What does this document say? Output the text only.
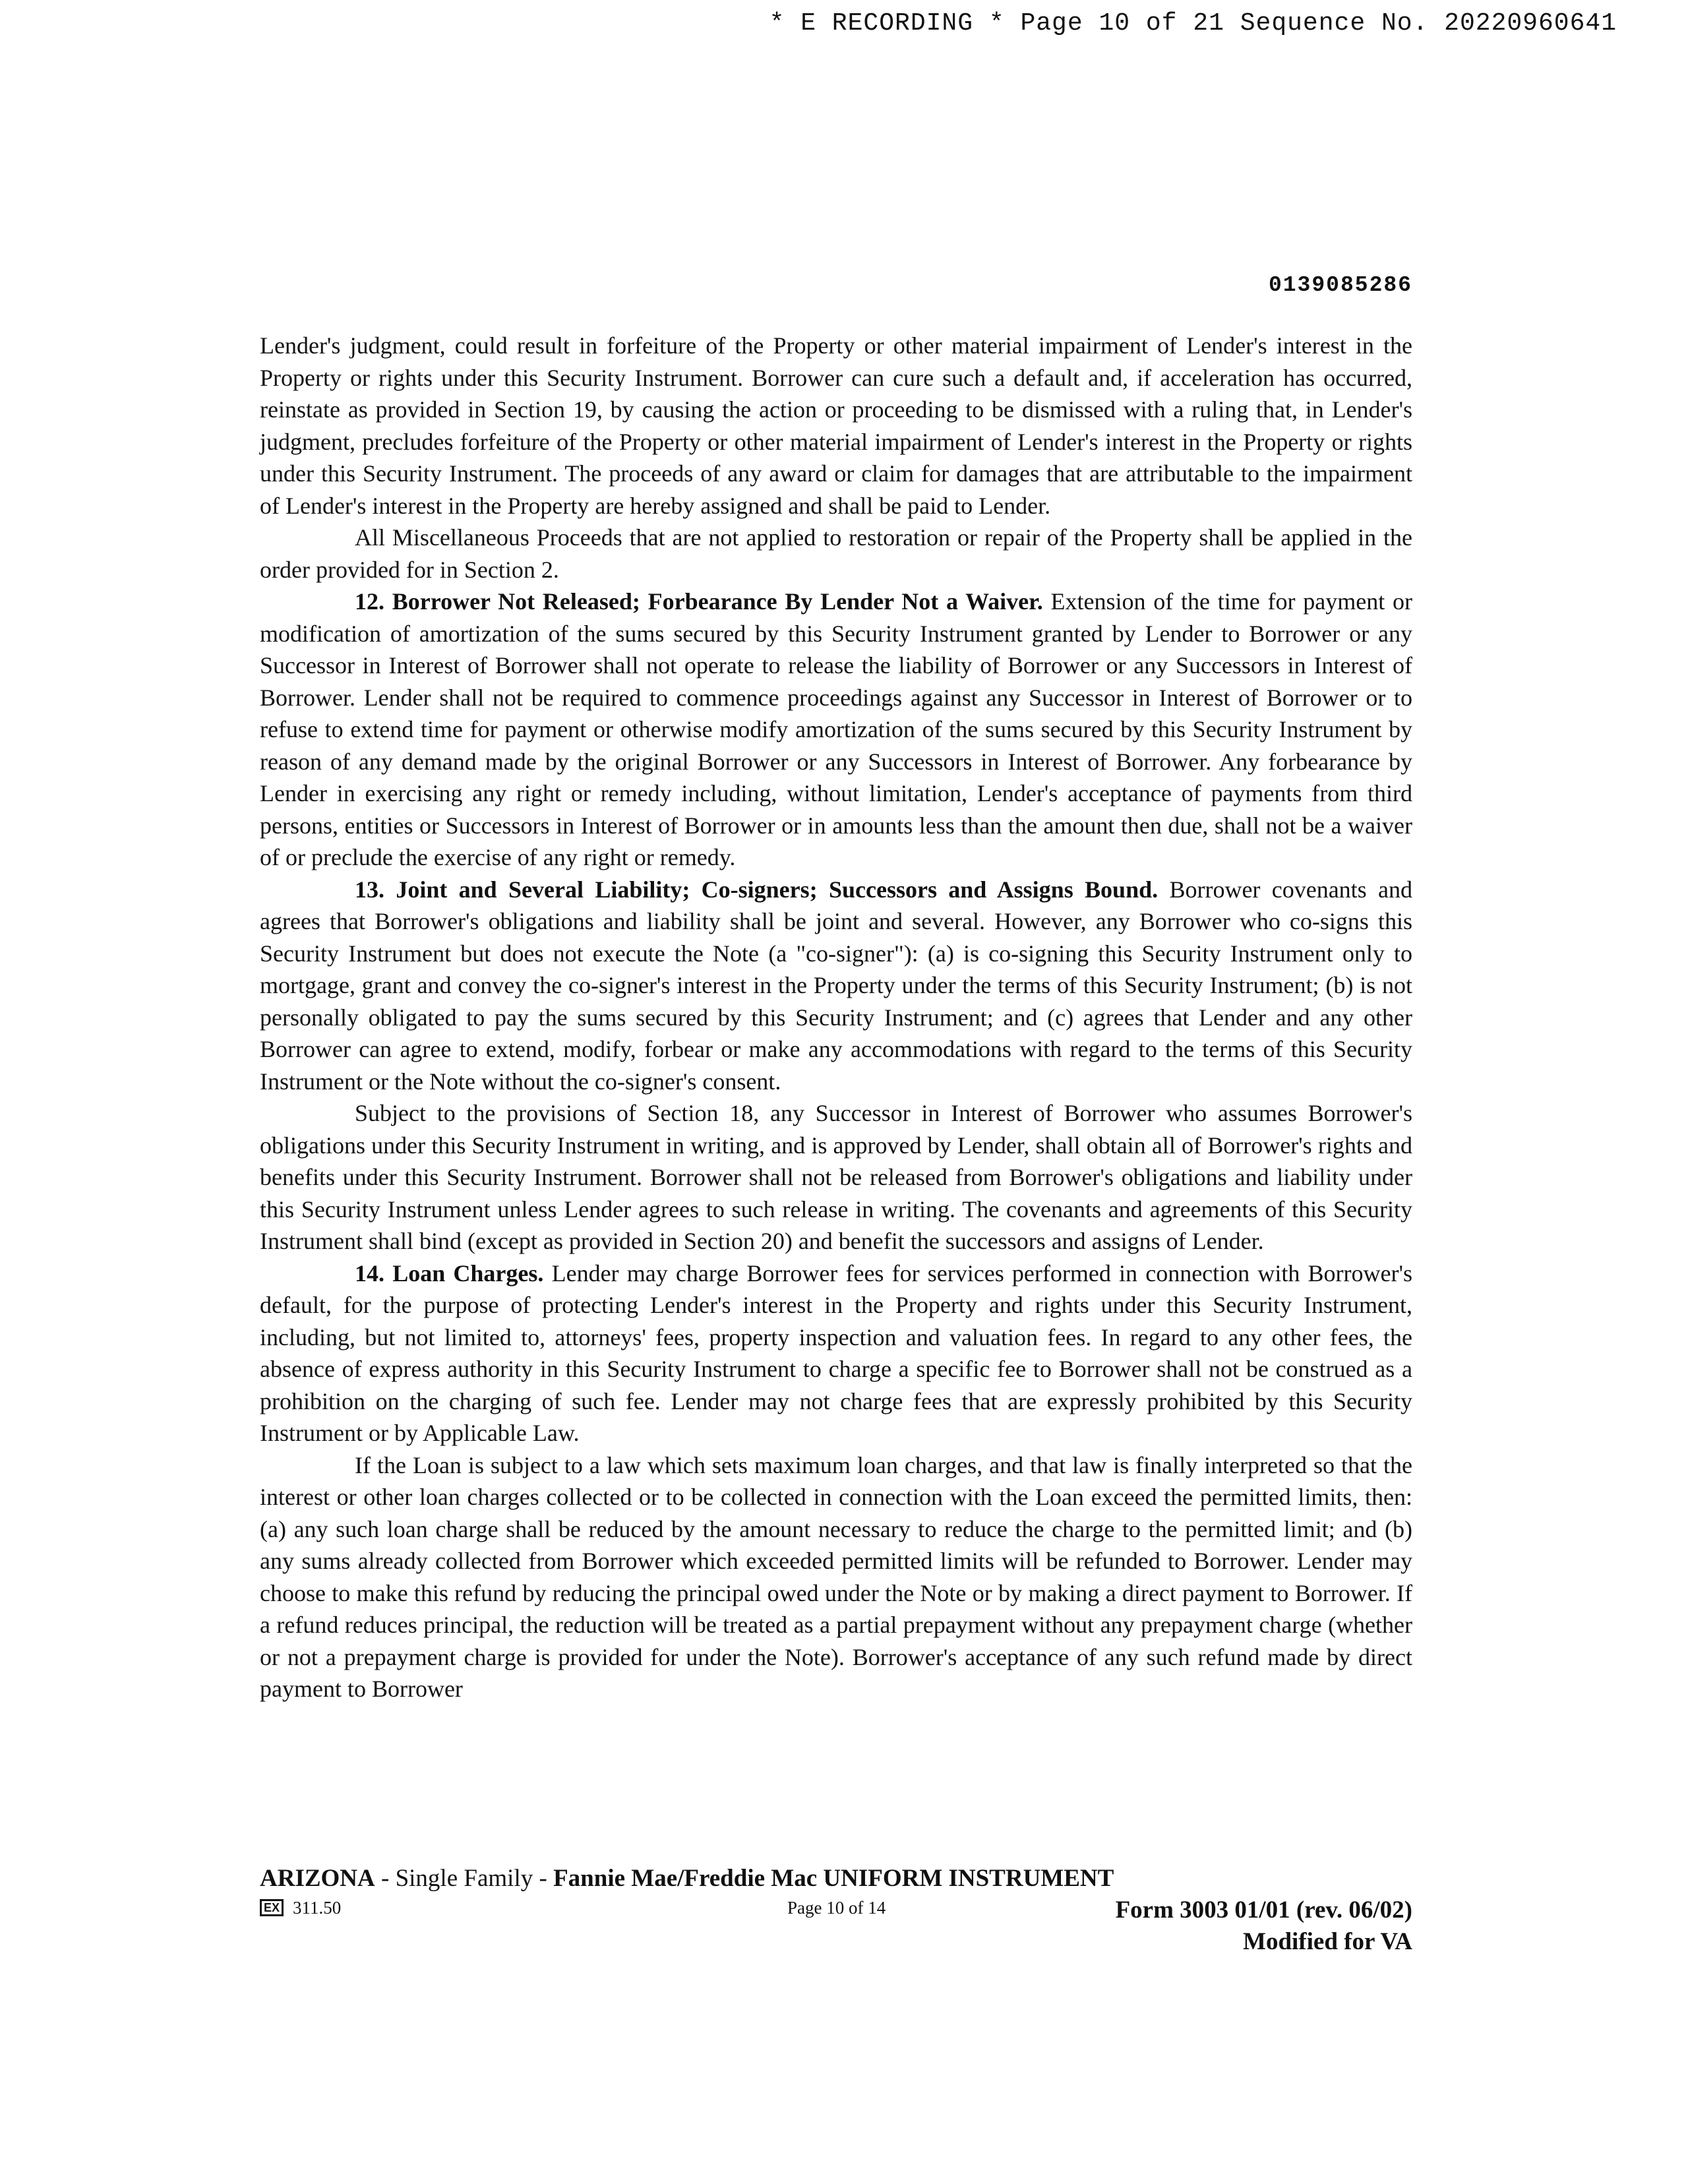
* E RECORDING * Page 10 of 21 Sequence No. 20220960641
0139085286

Lender's judgment, could result in forfeiture of the Property or other material impairment of Lender's interest in the Property or rights under this Security Instrument. Borrower can cure such a default and, if acceleration has occurred, reinstate as provided in Section 19, by causing the action or proceeding to be dismissed with a ruling that, in Lender's judgment, precludes forfeiture of the Property or other material impairment of Lender's interest in the Property or rights under this Security Instrument. The proceeds of any award or claim for damages that are attributable to the impairment of Lender's interest in the Property are hereby assigned and shall be paid to Lender.

All Miscellaneous Proceeds that are not applied to restoration or repair of the Property shall be applied in the order provided for in Section 2.

12. Borrower Not Released; Forbearance By Lender Not a Waiver. Extension of the time for payment or modification of amortization of the sums secured by this Security Instrument granted by Lender to Borrower or any Successor in Interest of Borrower shall not operate to release the liability of Borrower or any Successors in Interest of Borrower. Lender shall not be required to commence proceedings against any Successor in Interest of Borrower or to refuse to extend time for payment or otherwise modify amortization of the sums secured by this Security Instrument by reason of any demand made by the original Borrower or any Successors in Interest of Borrower. Any forbearance by Lender in exercising any right or remedy including, without limitation, Lender's acceptance of payments from third persons, entities or Successors in Interest of Borrower or in amounts less than the amount then due, shall not be a waiver of or preclude the exercise of any right or remedy.

13. Joint and Several Liability; Co-signers; Successors and Assigns Bound. Borrower covenants and agrees that Borrower's obligations and liability shall be joint and several. However, any Borrower who co-signs this Security Instrument but does not execute the Note (a "co-signer"): (a) is co-signing this Security Instrument only to mortgage, grant and convey the co-signer's interest in the Property under the terms of this Security Instrument; (b) is not personally obligated to pay the sums secured by this Security Instrument; and (c) agrees that Lender and any other Borrower can agree to extend, modify, forbear or make any accommodations with regard to the terms of this Security Instrument or the Note without the co-signer's consent.

Subject to the provisions of Section 18, any Successor in Interest of Borrower who assumes Borrower's obligations under this Security Instrument in writing, and is approved by Lender, shall obtain all of Borrower's rights and benefits under this Security Instrument. Borrower shall not be released from Borrower's obligations and liability under this Security Instrument unless Lender agrees to such release in writing. The covenants and agreements of this Security Instrument shall bind (except as provided in Section 20) and benefit the successors and assigns of Lender.

14. Loan Charges. Lender may charge Borrower fees for services performed in connection with Borrower's default, for the purpose of protecting Lender's interest in the Property and rights under this Security Instrument, including, but not limited to, attorneys' fees, property inspection and valuation fees. In regard to any other fees, the absence of express authority in this Security Instrument to charge a specific fee to Borrower shall not be construed as a prohibition on the charging of such fee. Lender may not charge fees that are expressly prohibited by this Security Instrument or by Applicable Law.

If the Loan is subject to a law which sets maximum loan charges, and that law is finally interpreted so that the interest or other loan charges collected or to be collected in connection with the Loan exceed the permitted limits, then: (a) any such loan charge shall be reduced by the amount necessary to reduce the charge to the permitted limit; and (b) any sums already collected from Borrower which exceeded permitted limits will be refunded to Borrower. Lender may choose to make this refund by reducing the principal owed under the Note or by making a direct payment to Borrower. If a refund reduces principal, the reduction will be treated as a partial prepayment without any prepayment charge (whether or not a prepayment charge is provided for under the Note). Borrower's acceptance of any such refund made by direct payment to Borrower

ARIZONA - Single Family - Fannie Mae/Freddie Mac UNIFORM INSTRUMENT
EX 311.50	Page 10 of 14	Form 3003 01/01 (rev. 06/02)
Modified for VA
